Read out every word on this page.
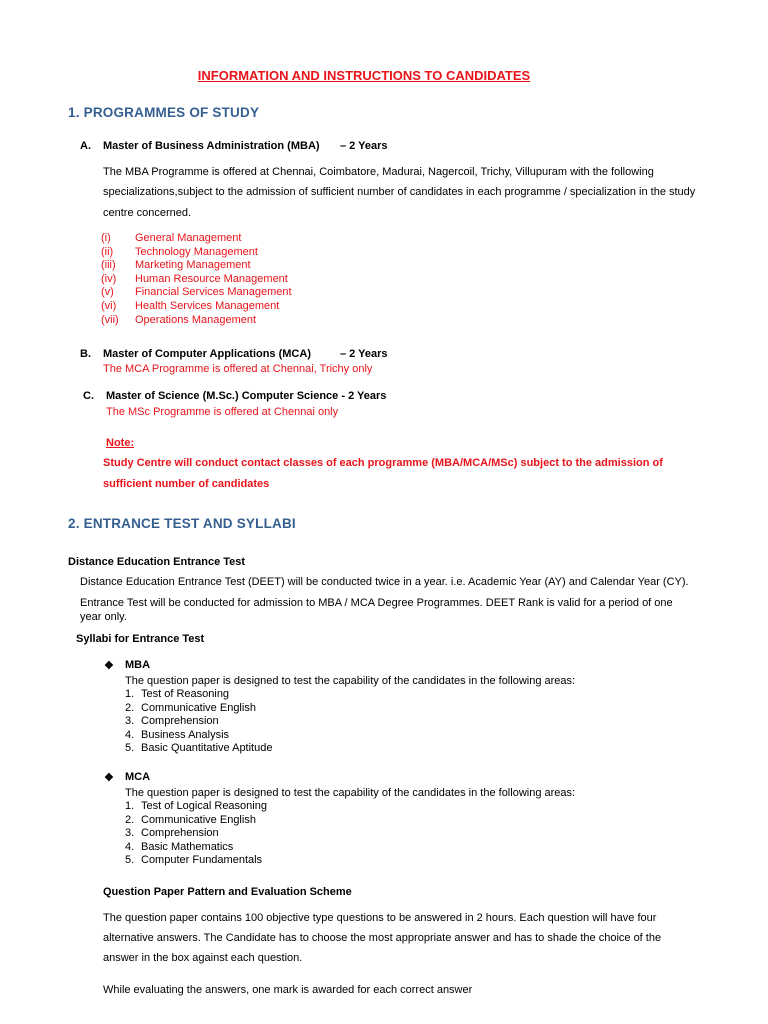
INFORMATION AND INSTRUCTIONS TO CANDIDATES
1. PROGRAMMES OF STUDY
A. Master of Business Administration (MBA) – 2 Years
The MBA Programme is offered at Chennai, Coimbatore, Madurai, Nagercoil, Trichy, Villupuram with the following
specializations,subject to the admission of sufficient number of candidates in each programme / specialization in the study
centre concerned.
(i)	General Management
(ii)	Technology Management
(iii)	Marketing Management
(iv)	Human Resource Management
(v)	Financial Services Management
(vi)	Health Services Management
(vii)	Operations Management
B. Master of Computer Applications (MCA)	– 2 Years
The MCA Programme is offered at Chennai, Trichy only
C. Master of Science (M.Sc.) Computer Science - 2 Years
The MSc Programme is offered at Chennai only
Note:
Study Centre will conduct contact classes of each programme (MBA/MCA/MSc) subject to the admission of
sufficient number of candidates
2. ENTRANCE TEST AND SYLLABI
Distance Education Entrance Test
Distance Education Entrance Test (DEET) will be conducted twice in a year. i.e. Academic Year (AY) and Calendar Year (CY).
Entrance Test will be conducted for admission to MBA / MCA Degree Programmes. DEET Rank is valid for a period of one
year only.
Syllabi for Entrance Test
❖ MBA
The question paper is designed to test the capability of the candidates in the following areas:
1. Test of Reasoning
2. Communicative English
3. Comprehension
4. Business Analysis
5. Basic Quantitative Aptitude
❖ MCA
The question paper is designed to test the capability of the candidates in the following areas:
1. Test of Logical Reasoning
2. Communicative English
3. Comprehension
4. Basic Mathematics
5. Computer Fundamentals
Question Paper Pattern and Evaluation Scheme
The question paper contains 100 objective type questions to be answered in 2 hours. Each question will have four
alternative answers. The Candidate has to choose the most appropriate answer and has to shade the choice of the
answer in the box against each question.
While evaluating the answers, one mark is awarded for each correct answer
